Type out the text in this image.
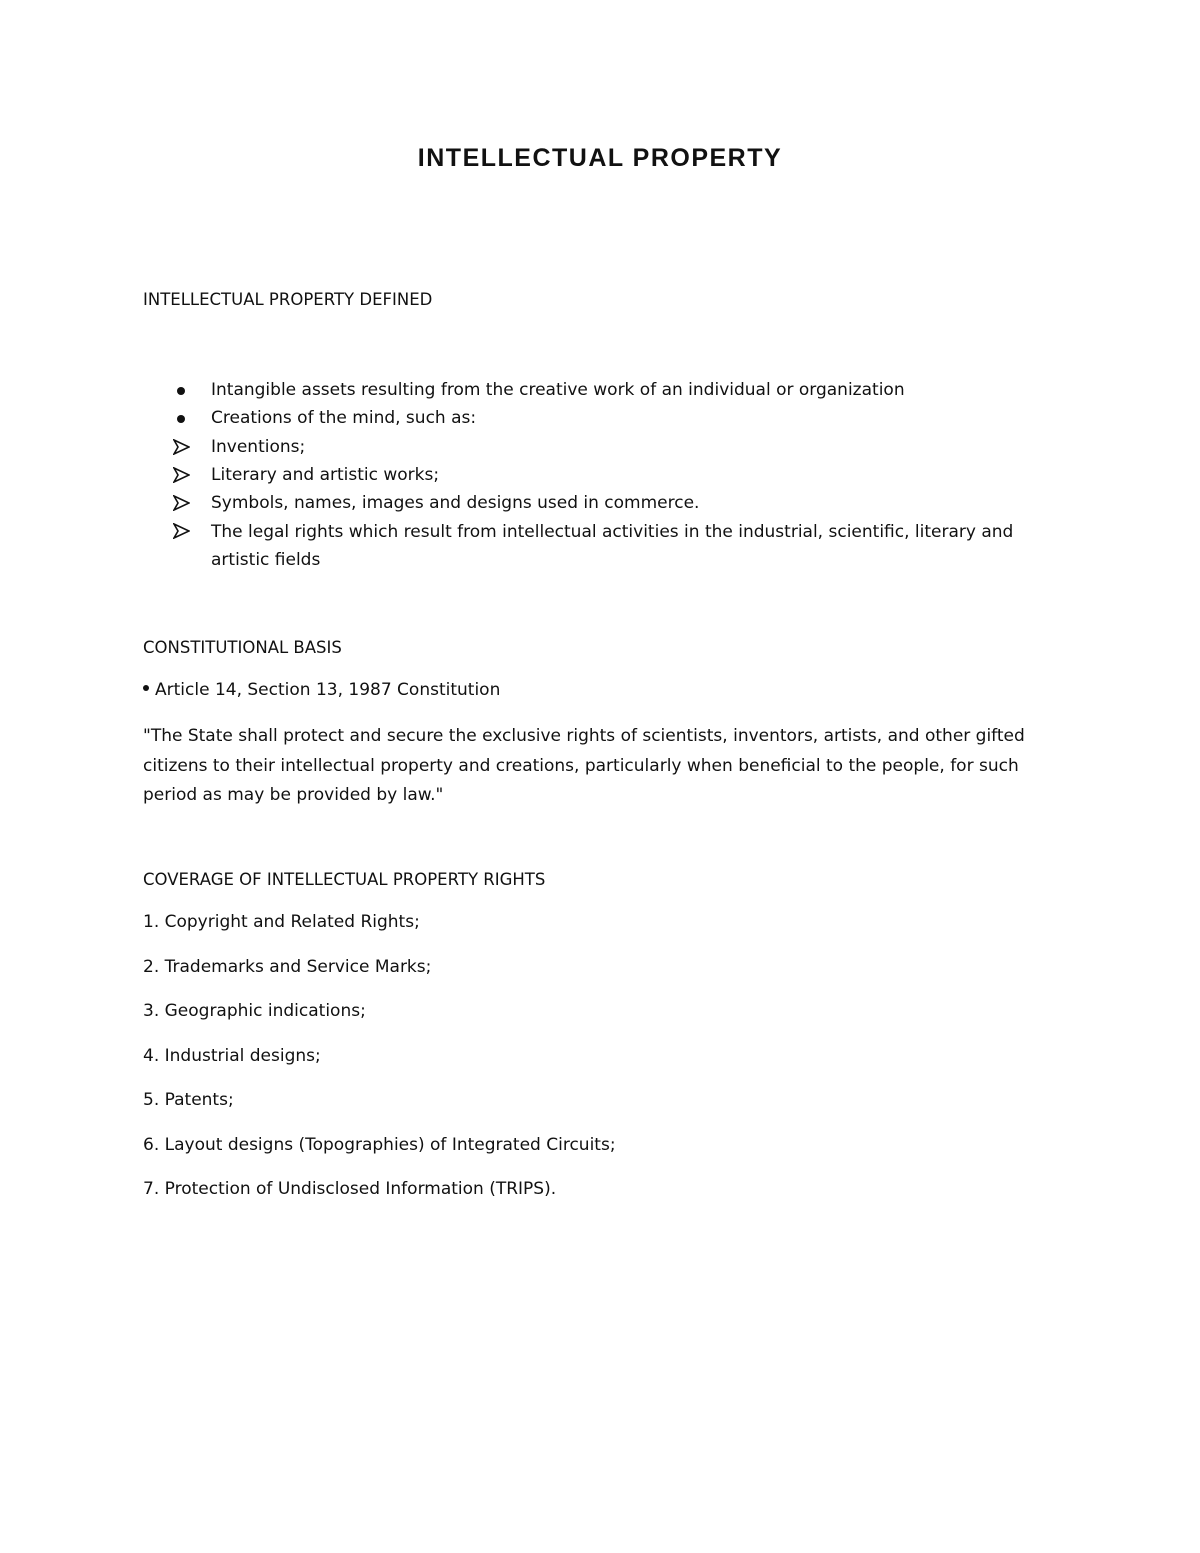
INTELLECTUAL PROPERTY
INTELLECTUAL PROPERTY DEFINED
Intangible assets resulting from the creative work of an individual or organization
Creations of the mind, such as:
Inventions;
Literary and artistic works;
Symbols, names, images and designs used in commerce.
The legal rights which result from intellectual activities in the industrial, scientific, literary and artistic fields
CONSTITUTIONAL BASIS
Article 14, Section 13, 1987 Constitution
"The State shall protect and secure the exclusive rights of scientists, inventors, artists, and other gifted citizens to their intellectual property and creations, particularly when beneficial to the people, for such period as may be provided by law."
COVERAGE OF INTELLECTUAL PROPERTY RIGHTS
1. Copyright and Related Rights;
2. Trademarks and Service Marks;
3. Geographic indications;
4. Industrial designs;
5. Patents;
6. Layout designs (Topographies) of Integrated Circuits;
7. Protection of Undisclosed Information (TRIPS).
